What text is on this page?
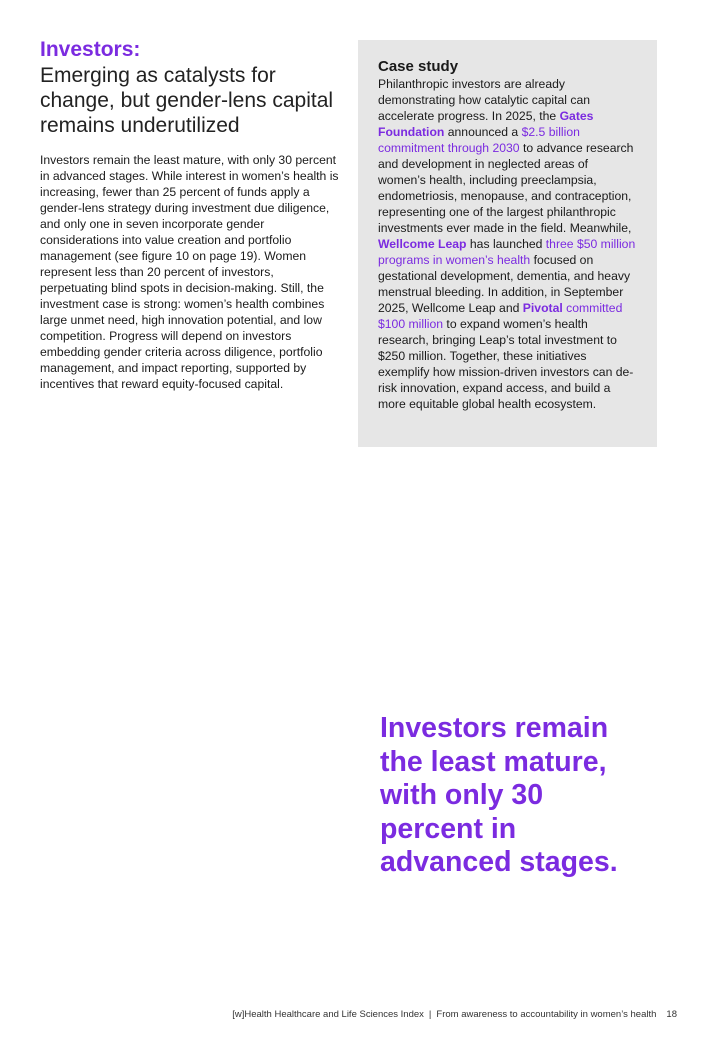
Investors:
Emerging as catalysts for change, but gender-lens capital remains underutilized

Investors remain the least mature, with only 30 percent in advanced stages. While interest in women’s health is increasing, fewer than 25 percent of funds apply a gender-lens strategy during investment due diligence, and only one in seven incorporate gender considerations into value creation and portfolio management (see figure 10 on page 19). Women represent less than 20 percent of investors, perpetuating blind spots in decision-making. Still, the investment case is strong: women’s health combines large unmet need, high innovation potential, and low competition. Progress will depend on investors embedding gender criteria across diligence, portfolio management, and impact reporting, supported by incentives that reward equity-focused capital.

Case study

Philanthropic investors are already demonstrating how catalytic capital can accelerate progress. In 2025, the Gates Foundation announced a $2.5 billion commitment through 2030 to advance research and development in neglected areas of women’s health, including preeclampsia, endometriosis, menopause, and contraception, representing one of the largest philanthropic investments ever made in the field. Meanwhile, Wellcome Leap has launched three $50 million programs in women’s health focused on gestational development, dementia, and heavy menstrual bleeding. In addition, in September 2025, Wellcome Leap and Pivotal committed $100 million to expand women’s health research, bringing Leap’s total investment to $250 million. Together, these initiatives exemplify how mission-driven investors can de-risk innovation, expand access, and build a more equitable global health ecosystem.

Investors remain the least mature, with only 30 percent in advanced stages.
[w]Health Healthcare and Life Sciences Index | From awareness to accountability in women’s health 18
